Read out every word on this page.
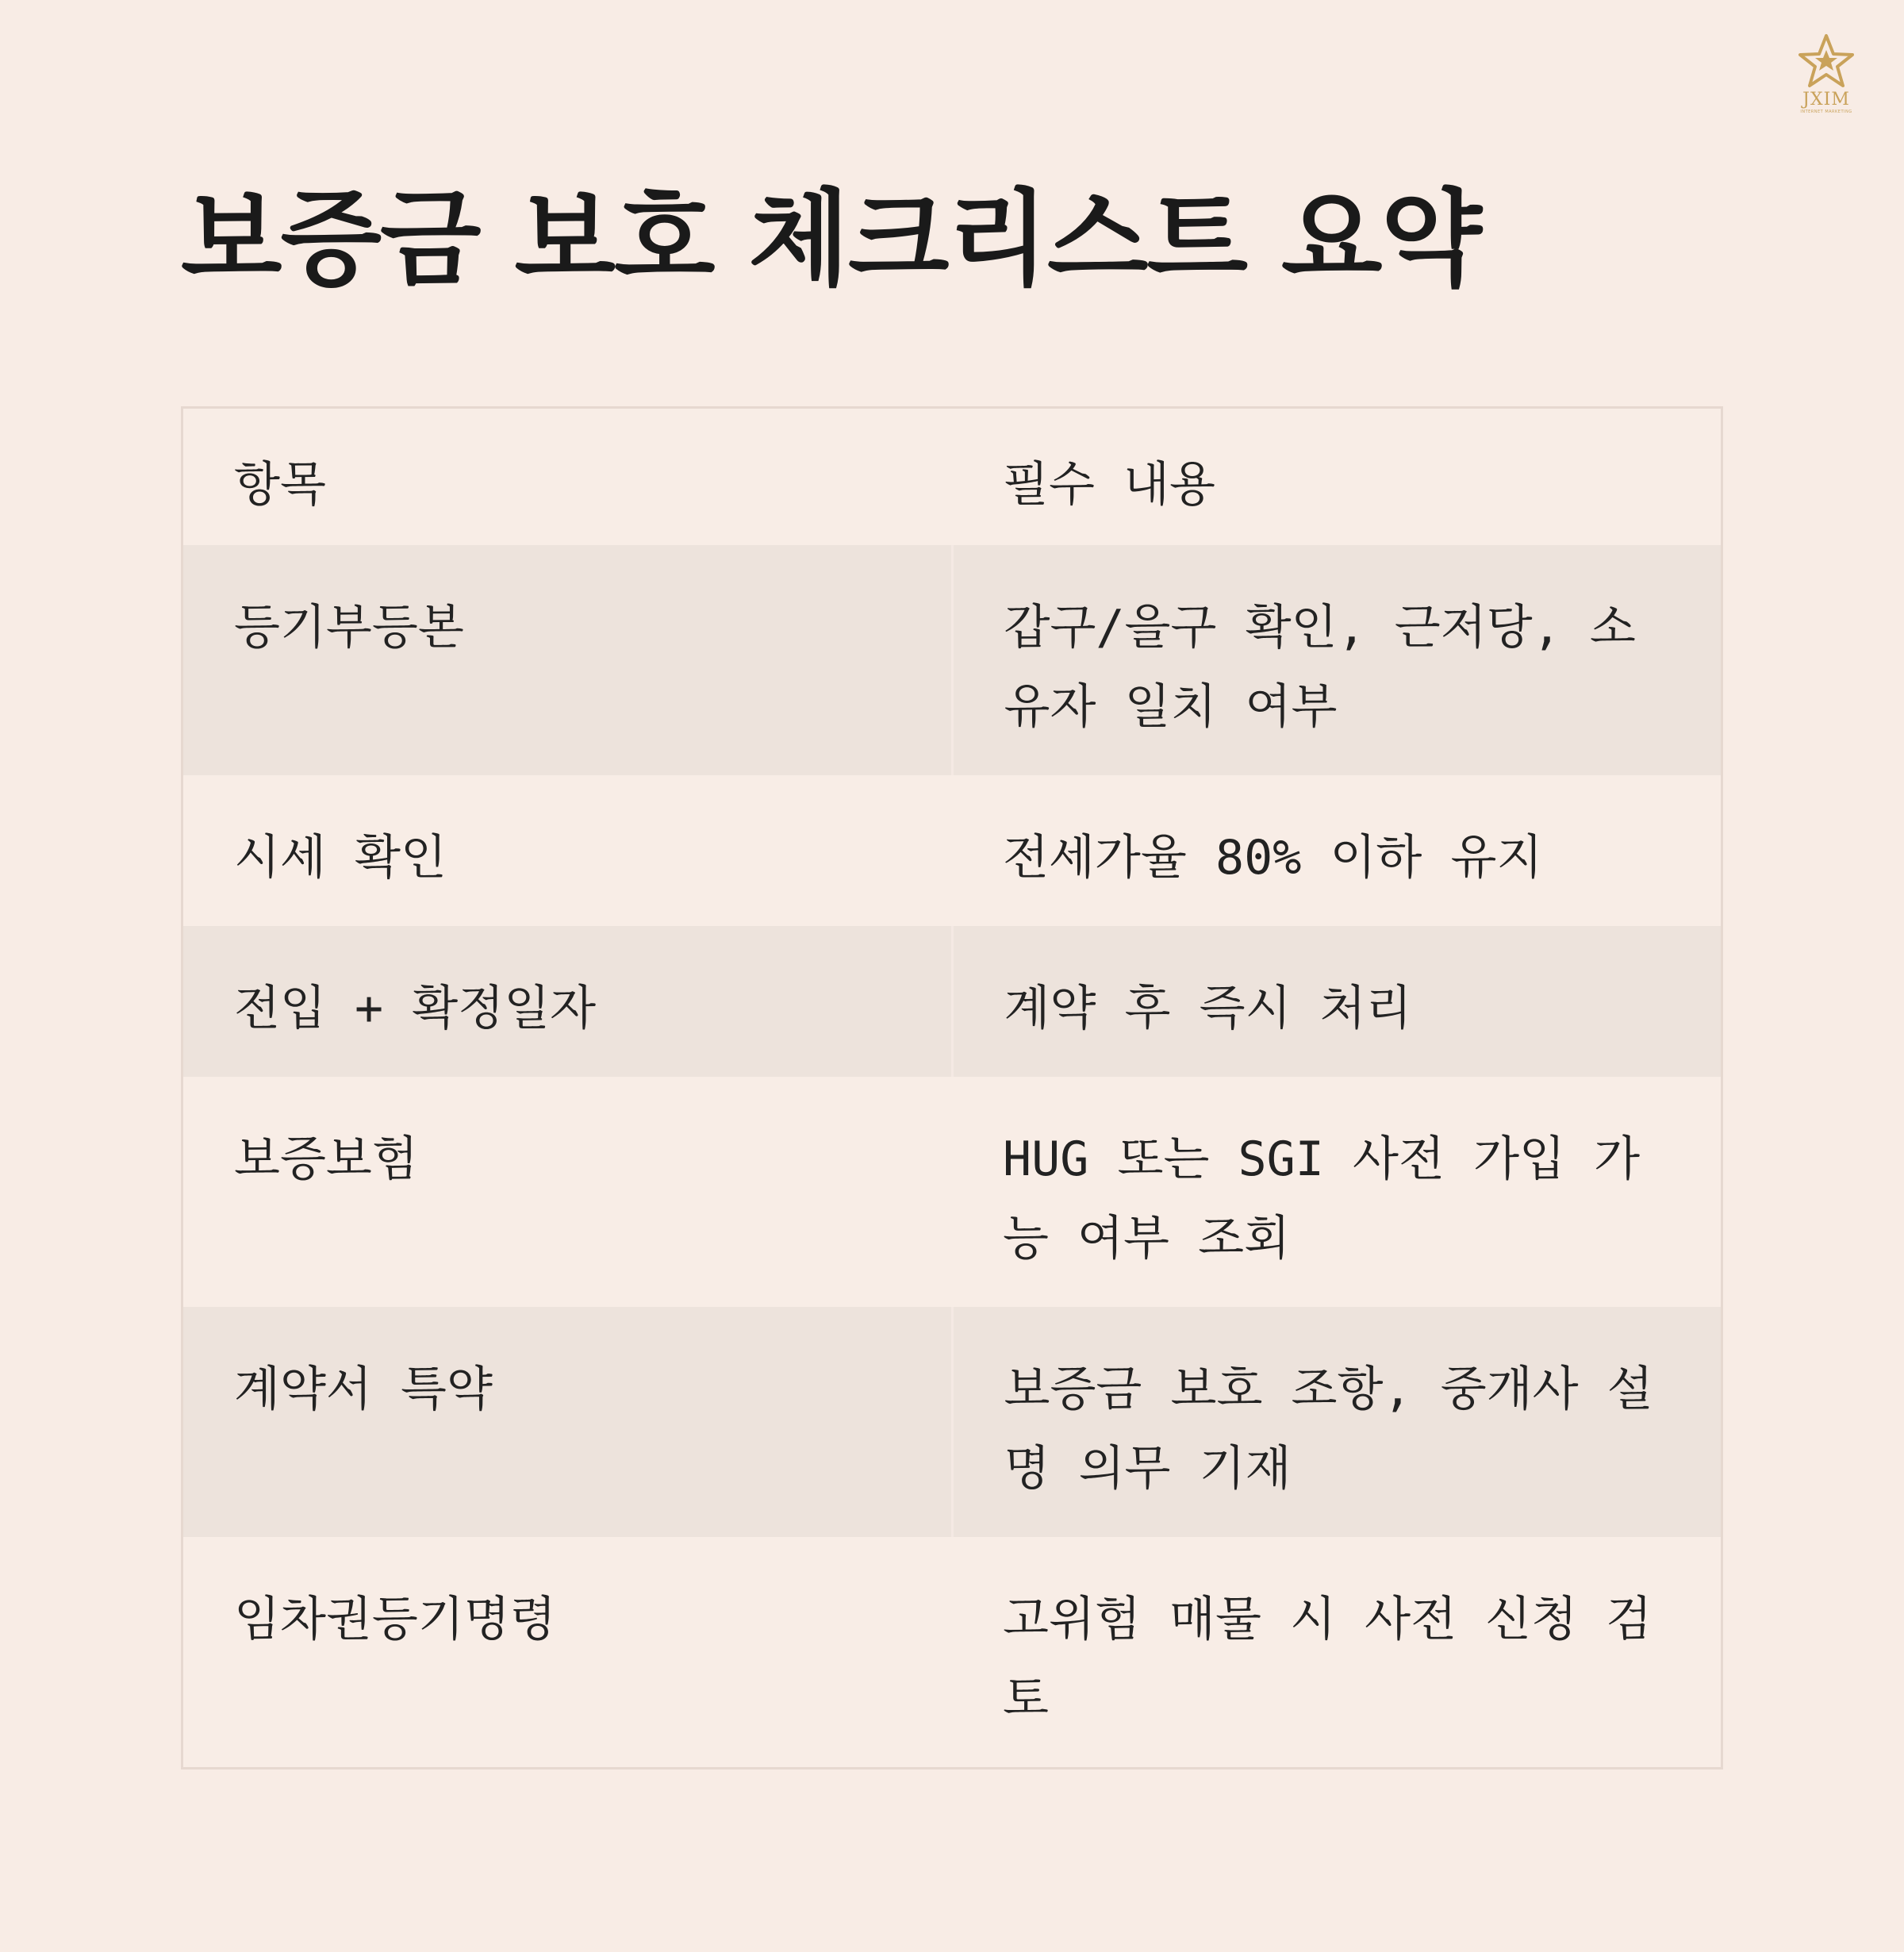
JXIM
INTERNET MARKETING
보증금 보호 체크리스트 요약
항목	필수 내용
등기부등본	갑구/을구 확인, 근저당, 소유자 일치 여부
시세 확인	전세가율 80% 이하 유지
전입 + 확정일자	계약 후 즉시 처리
보증보험	HUG 또는 SGI 사전 가입 가능 여부 조회
계약서 특약	보증금 보호 조항, 중개사 설명 의무 기재
임차권등기명령	고위험 매물 시 사전 신청 검토
